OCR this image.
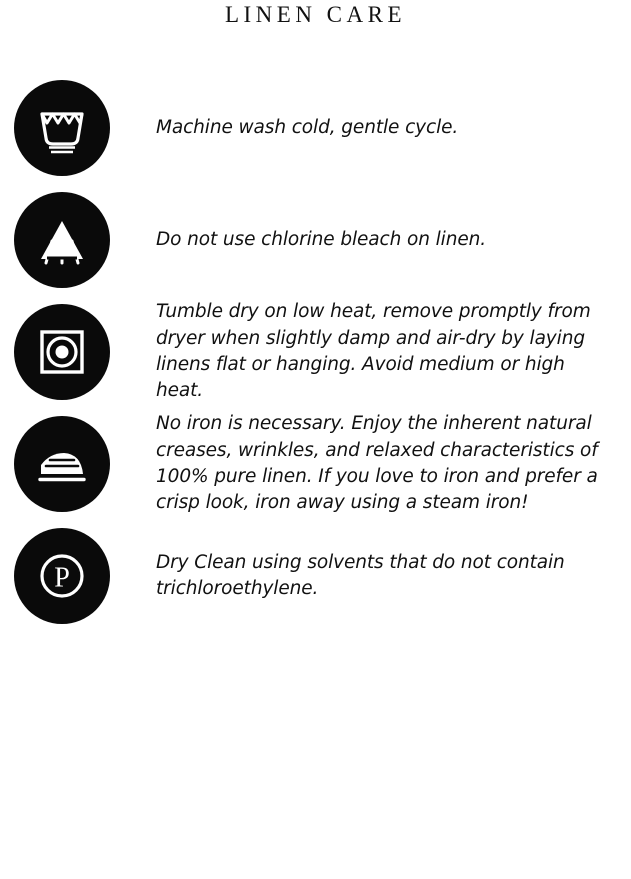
LINEN CARE
Machine wash cold, gentle cycle.
Do not use chlorine bleach on linen.
Tumble dry on low heat, remove promptly from dryer when slightly damp and air-dry by laying linens flat or hanging. Avoid medium or high heat.
No iron is necessary. Enjoy the inherent natural creases, wrinkles, and relaxed characteristics of 100% pure linen. If you love to iron and prefer a crisp look, iron away using a steam iron!
P
Dry Clean using solvents that do not contain trichloroethylene.
